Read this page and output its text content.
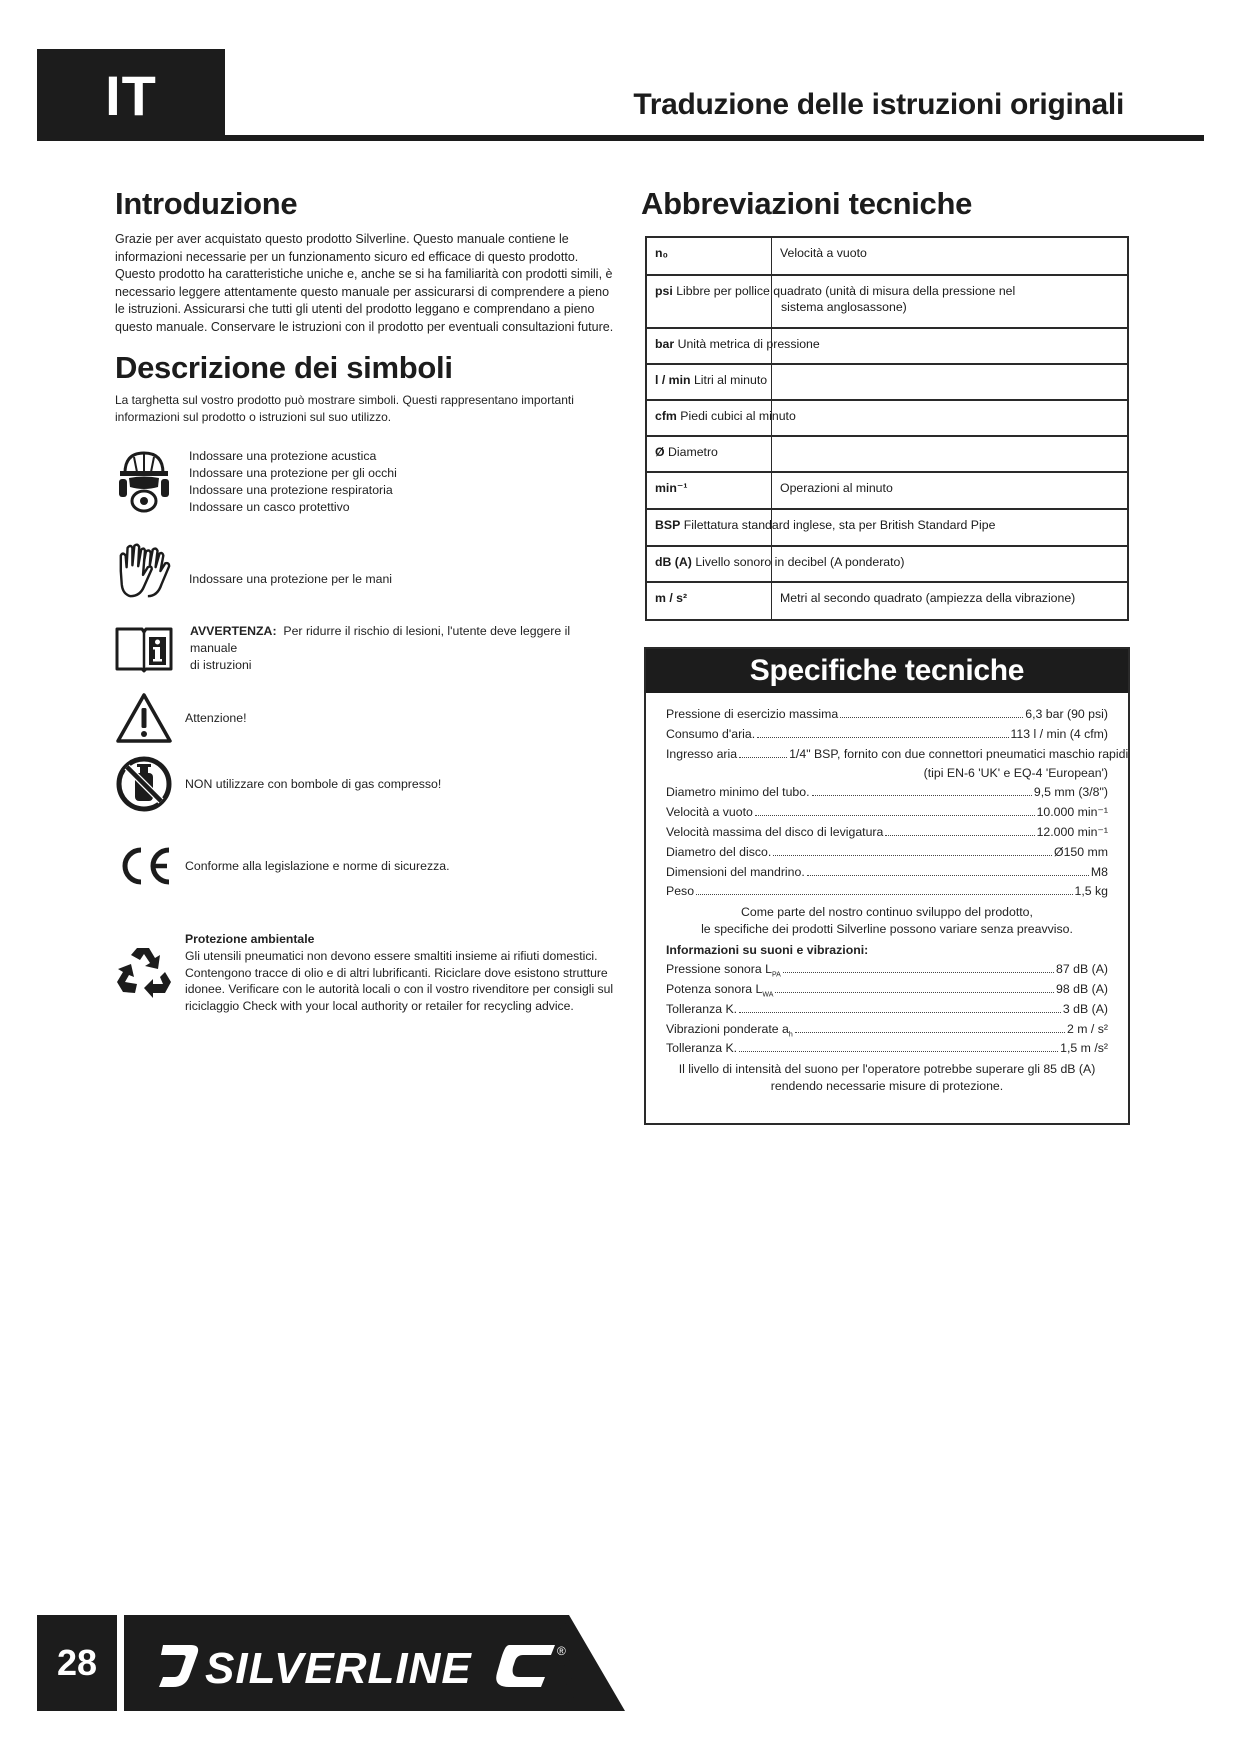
IT	Traduzione delle istruzioni originali
Introduzione
Grazie per aver acquistato questo prodotto Silverline. Questo manuale contiene le
informazioni necessarie per un funzionamento sicuro ed efficace di questo prodotto.
Questo prodotto ha caratteristiche uniche e, anche se si ha familiarità con prodotti simili, è
necessario leggere attentamente questo manuale per assicurarsi di comprendere a pieno
le istruzioni. Assicurarsi che tutti gli utenti del prodotto leggano e comprendano a pieno
questo manuale. Conservare le istruzioni con il prodotto per eventuali consultazioni future.
Descrizione dei simboli
La targhetta sul vostro prodotto può mostrare simboli. Questi rappresentano importanti
informazioni sul prodotto o istruzioni sul suo utilizzo.
Indossare una protezione acustica
Indossare una protezione per gli occhi
Indossare una protezione respiratoria
Indossare un casco protettivo
Indossare una protezione per le mani
AVVERTENZA: Per ridurre il rischio di lesioni, l'utente deve leggere il manuale
di istruzioni
Attenzione!
NON utilizzare con bombole di gas compresso!
Conforme alla legislazione e norme di sicurezza.
Protezione ambientale
Gli utensili pneumatici non devono essere smaltiti insieme ai rifiuti domestici.
Contengono tracce di olio e di altri lubrificanti. Riciclare dove esistono strutture
idonee. Verificare con le autorità locali o con il vostro rivenditore per consigli sul
riciclaggio Check with your local authority or retailer for recycling advice.
Abbreviazioni tecniche
n₀	Velocità a vuoto
psi Libbre per pollice quadrato (unità di misura della pressione nel
sistema anglosassone)
bar Unità metrica di pressione
l / min Litri al minuto
cfm Piedi cubici al minuto
Ø Diametro
min⁻¹	Operazioni al minuto
BSP Filettatura standard inglese, sta per British Standard Pipe
dB (A) Livello sonoro in decibel (A ponderato)
m / s²	Metri al secondo quadrato (ampiezza della vibrazione)
Specifiche tecniche
Pressione di esercizio massima	6,3 bar (90 psi)
Consumo d'aria.	113 l / min (4 cfm)
Ingresso aria	1/4" BSP, fornito con due connettori pneumatici maschio rapidi
(tipi EN-6 'UK' e EQ-4 'European')
Diametro minimo del tubo.	9,5 mm (3/8")
Velocità a vuoto	10.000 min⁻¹
Velocità massima del disco di levigatura	12.000 min⁻¹
Diametro del disco.	Ø150 mm
Dimensioni del mandrino.	M8
Peso	1,5 kg
Come parte del nostro continuo sviluppo del prodotto,
le specifiche dei prodotti Silverline possono variare senza preavviso.
Informazioni su suoni e vibrazioni:
Pressione sonora $L_{PA}$	87 dB (A)
Potenza sonora $L_{WA}$	98 dB (A)
Tolleranza K.	3 dB (A)
Vibrazioni ponderate $a_h$	2 m / s²
Tolleranza K.	1,5 m /s²
Il livello di intensità del suono per l'operatore potrebbe superare gli 85 dB (A)
rendendo necessarie misure di protezione.
28	SILVERLINE	®
